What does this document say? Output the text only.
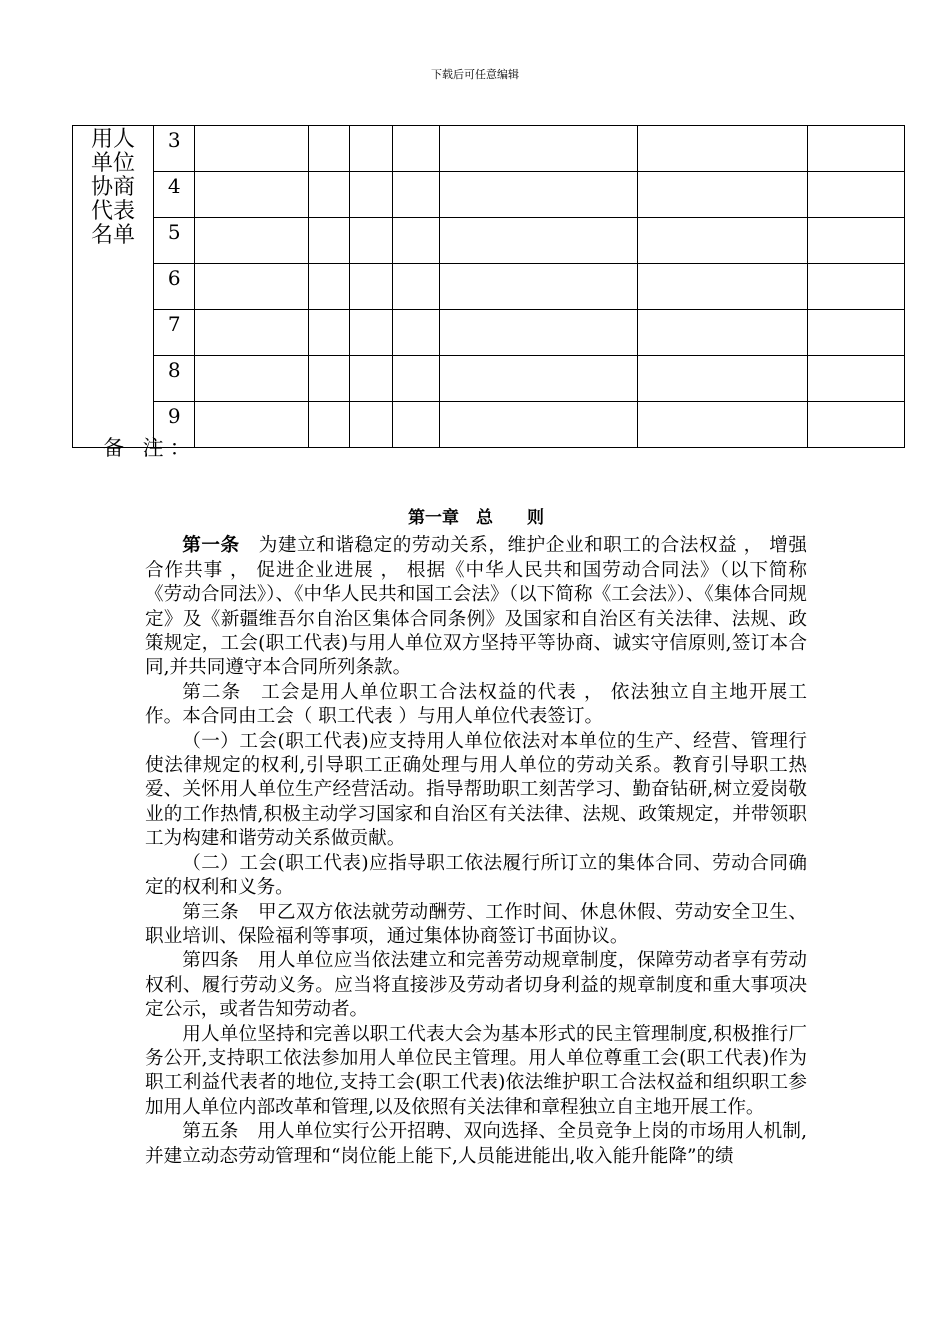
下载后可任意编辑
用人单位协商代表名单	3							
	4							
	5							
	6							
	7							
	8							
	9							
备 注：
第一章　总　　则

第一条　为建立和谐稳定的劳动关系，维护企业和职工的合法权益 ， 增强合作共事 ， 促进企业进展 ， 根据《中华人民共和国劳动合同法》（以下简称《劳动合同法》）、《中华人民共和国工会法》（以下简称《工会法》）、《集体合同规定》及《新疆维吾尔自治区集体合同条例》及国家和自治区有关法律、法规、政策规定，工会(职工代表)与用人单位双方坚持平等协商、诚实守信原则,签订本合同,并共同遵守本合同所列条款。

第二条　工会是用人单位职工合法权益的代表 ， 依法独立自主地开展工作。本合同由工会（ 职工代表 ）与用人单位代表签订。

（一）工会(职工代表)应支持用人单位依法对本单位的生产、经营、管理行使法律规定的权利,引导职工正确处理与用人单位的劳动关系。教育引导职工热爱、关怀用人单位生产经营活动。指导帮助职工刻苦学习、勤奋钻研,树立爱岗敬业的工作热情,积极主动学习国家和自治区有关法律、法规、政策规定，并带领职工为构建和谐劳动关系做贡献。

（二）工会(职工代表)应指导职工依法履行所订立的集体合同、劳动合同确定的权利和义务。

第三条　甲乙双方依法就劳动酬劳、工作时间、休息休假、劳动安全卫生、职业培训、保险福利等事项，通过集体协商签订书面协议。

第四条　用人单位应当依法建立和完善劳动规章制度，保障劳动者享有劳动权利、履行劳动义务。应当将直接涉及劳动者切身利益的规章制度和重大事项决定公示，或者告知劳动者。

用人单位坚持和完善以职工代表大会为基本形式的民主管理制度,积极推行厂务公开,支持职工依法参加用人单位民主管理。用人单位尊重工会(职工代表)作为职工利益代表者的地位,支持工会(职工代表)依法维护职工合法权益和组织职工参加用人单位内部改革和管理,以及依照有关法律和章程独立自主地开展工作。

第五条　用人单位实行公开招聘、双向选择、全员竞争上岗的市场用人机制,并建立动态劳动管理和“岗位能上能下,人员能进能出,收入能升能降”的绩
